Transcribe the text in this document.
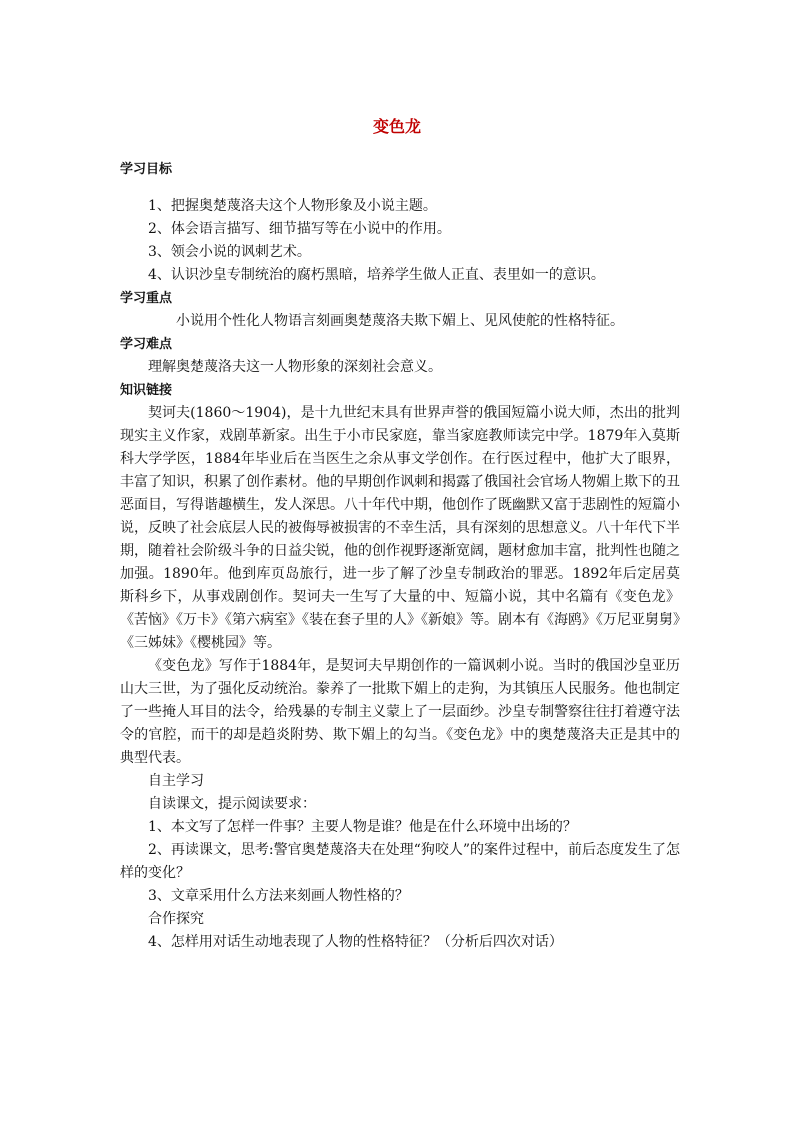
变色龙

学习目标

1、把握奥楚蔑洛夫这个人物形象及小说主题。

2、体会语言描写、细节描写等在小说中的作用。

3、领会小说的讽刺艺术。

4、认识沙皇专制统治的腐朽黑暗，培养学生做人正直、表里如一的意识。

学习重点

小说用个性化人物语言刻画奥楚蔑洛夫欺下媚上、见风使舵的性格特征。

学习难点

理解奥楚蔑洛夫这一人物形象的深刻社会意义。

知识链接

契诃夫(1860～1904)，是十九世纪末具有世界声誉的俄国短篇小说大师，杰出的批判现实主义作家，戏剧革新家。出生于小市民家庭，靠当家庭教师读完中学。1879年入莫斯科大学学医，1884年毕业后在当医生之余从事文学创作。在行医过程中，他扩大了眼界，丰富了知识，积累了创作素材。他的早期创作讽刺和揭露了俄国社会官场人物媚上欺下的丑恶面目，写得谐趣横生，发人深思。八十年代中期，他创作了既幽默又富于悲剧性的短篇小说，反映了社会底层人民的被侮辱被损害的不幸生活，具有深刻的思想意义。八十年代下半期，随着社会阶级斗争的日益尖锐，他的创作视野逐渐宽阔，题材愈加丰富，批判性也随之加强。1890年。他到库页岛旅行，进一步了解了沙皇专制政治的罪恶。1892年后定居莫斯科乡下，从事戏剧创作。契诃夫一生写了大量的中、短篇小说，其中名篇有《变色龙》《苦恼》《万卡》《第六病室》《装在套子里的人》《新娘》等。剧本有《海鸥》《万尼亚舅舅》《三姊妹》《樱桃园》等。

《变色龙》写作于1884年，是契诃夫早期创作的一篇讽刺小说。当时的俄国沙皇亚历山大三世，为了强化反动统治。豢养了一批欺下媚上的走狗，为其镇压人民服务。他也制定了一些掩人耳目的法令，给残暴的专制主义蒙上了一层面纱。沙皇专制警察往往打着遵守法令的官腔，而干的却是趋炎附势、欺下媚上的勾当。《变色龙》中的奥楚蔑洛夫正是其中的典型代表。

自主学习

自读课文，提示阅读要求：

1、本文写了怎样一件事？主要人物是谁？他是在什么环境中出场的？

2、再读课文，思考:警官奥楚蔑洛夫在处理“狗咬人”的案件过程中，前后态度发生了怎样的变化？

3、文章采用什么方法来刻画人物性格的？

合作探究

4、怎样用对话生动地表现了人物的性格特征？（分析后四次对话）
